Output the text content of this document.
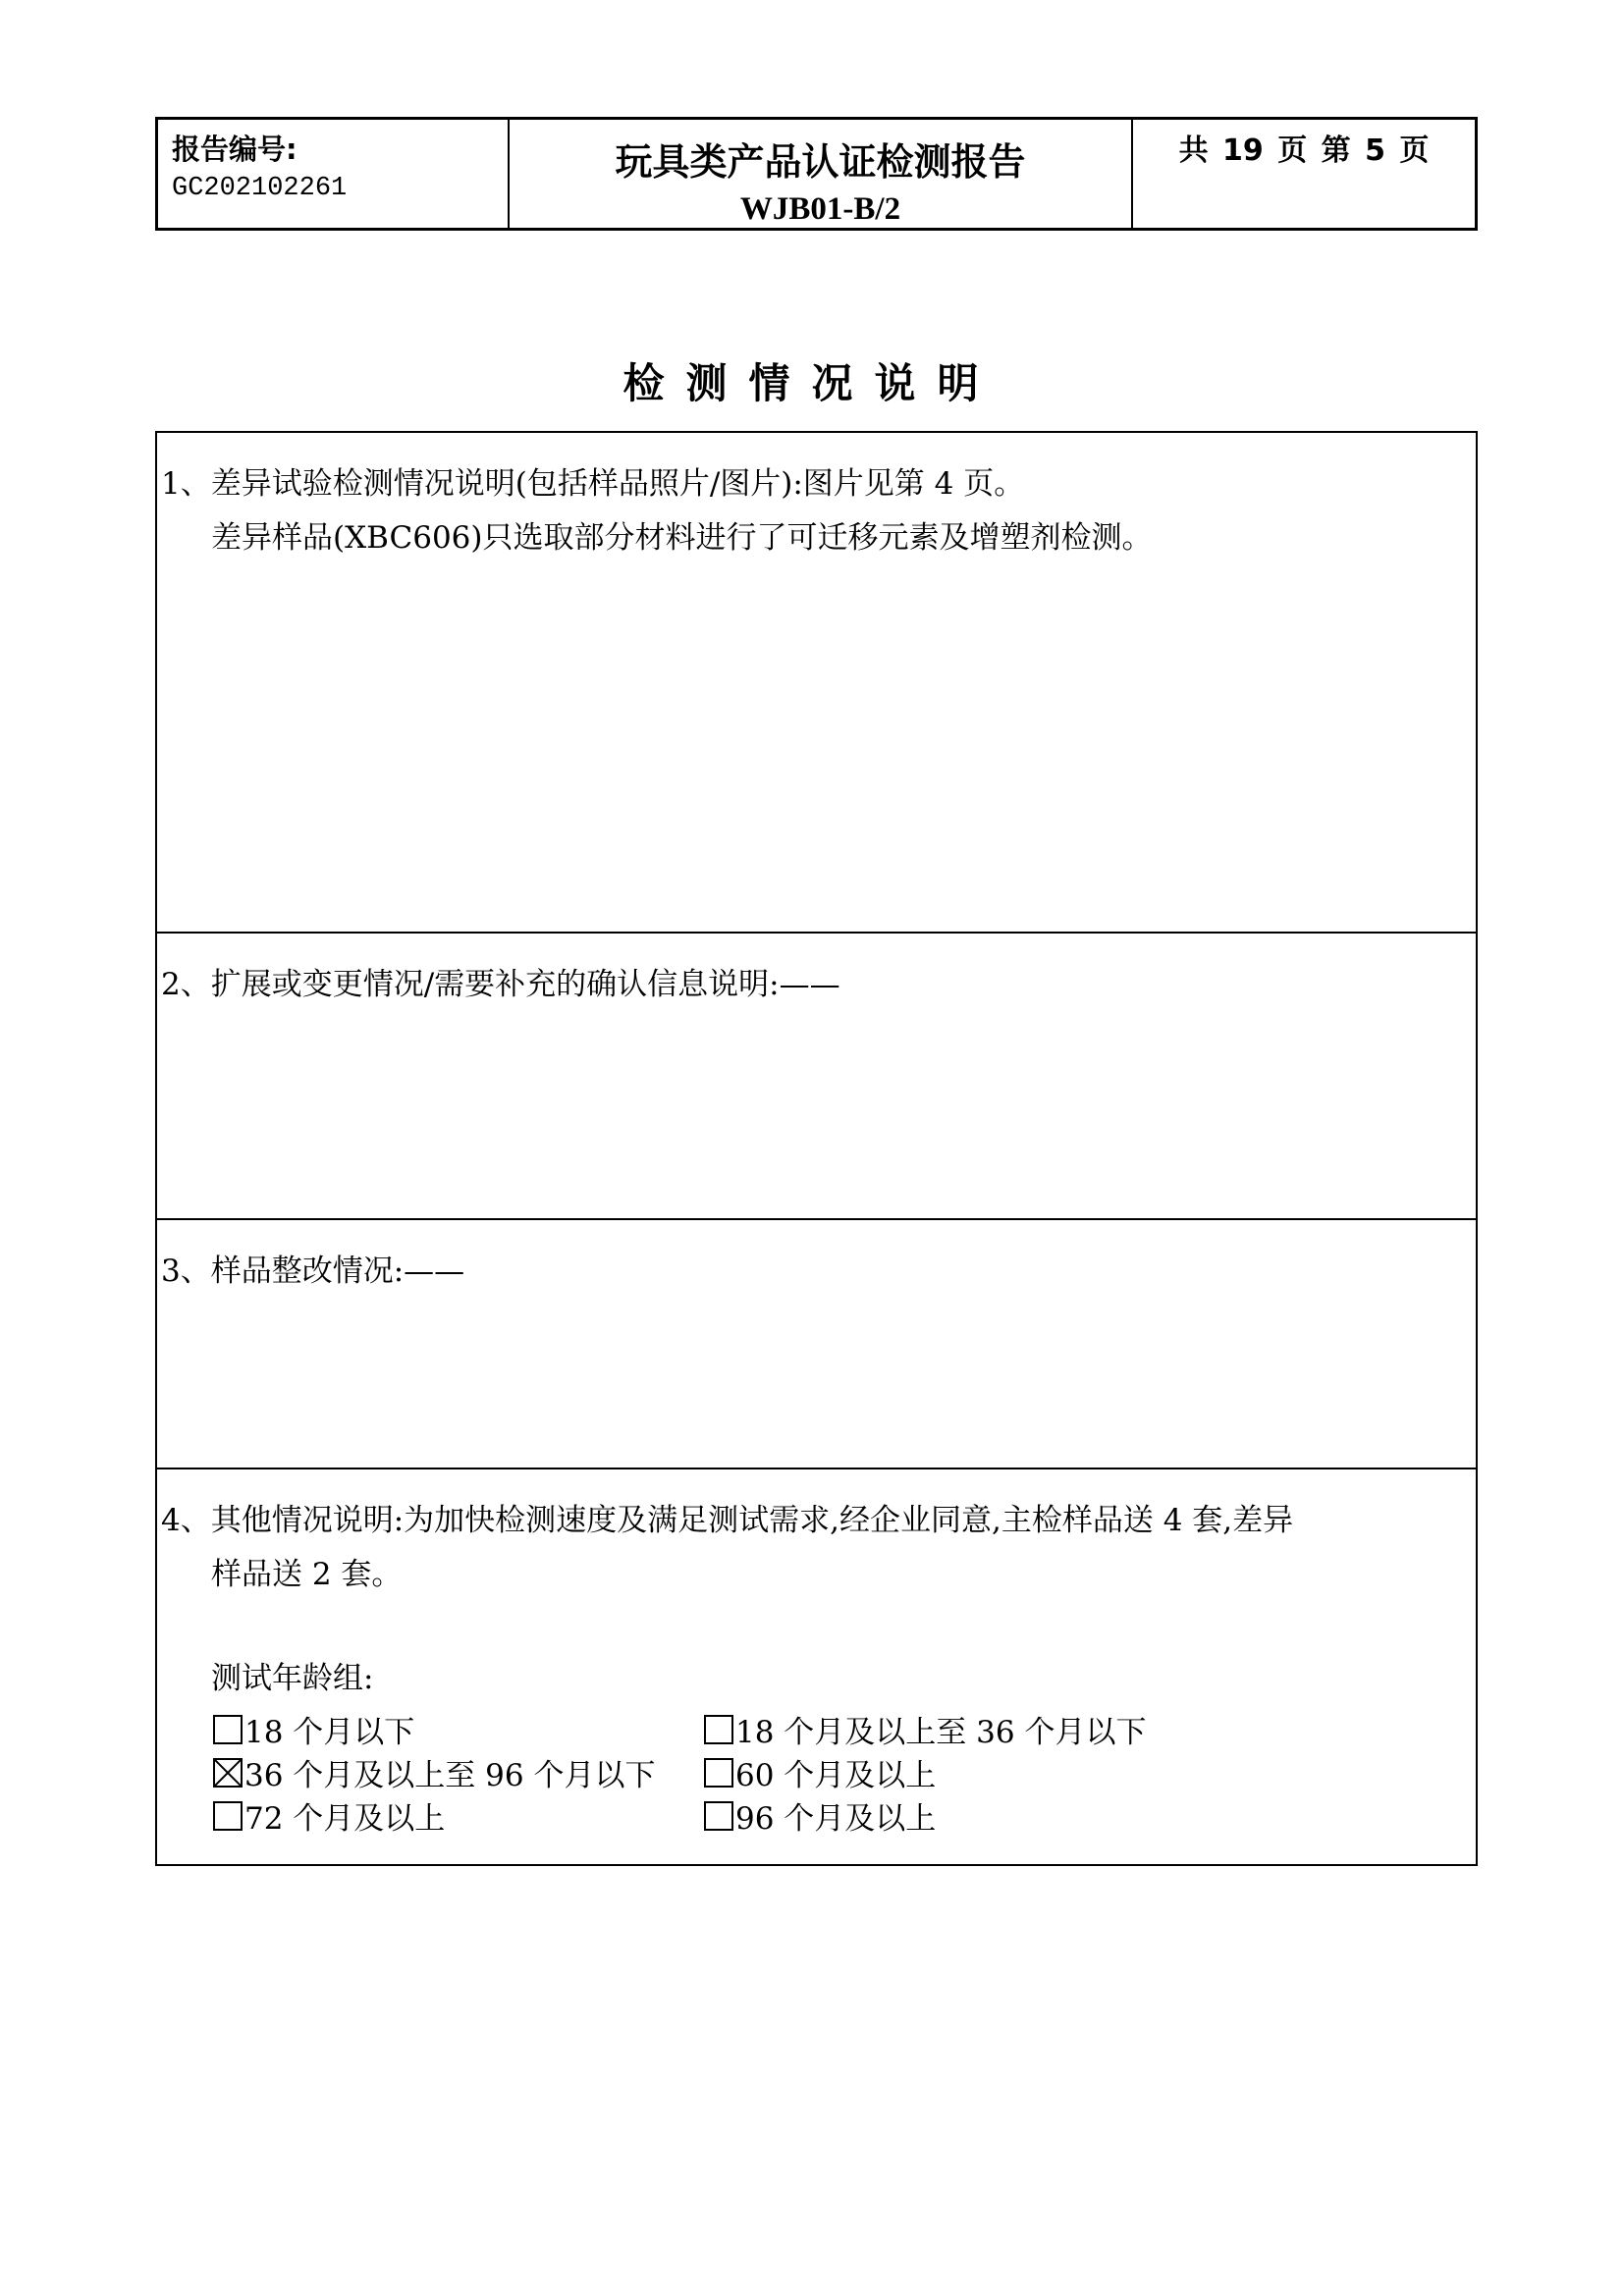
报告编号:
GC202102261
玩具类产品认证检测报告
WJB01-B/2
共 19 页 第 5 页
检测情况说明
1、差异试验检测情况说明(包括样品照片/图片):图片见第 4 页。
差异样品(XBC606)只选取部分材料进行了可迁移元素及增塑剂检测。
2、扩展或变更情况/需要补充的确认信息说明:——
3、样品整改情况:——
4、其他情况说明:为加快检测速度及满足测试需求,经企业同意,主检样品送 4 套,差异
样品送 2 套。
测试年龄组:
18 个月以下	18 个月及以上至 36 个月以下
36 个月及以上至 96 个月以下	60 个月及以上
72 个月及以上	96 个月及以上
